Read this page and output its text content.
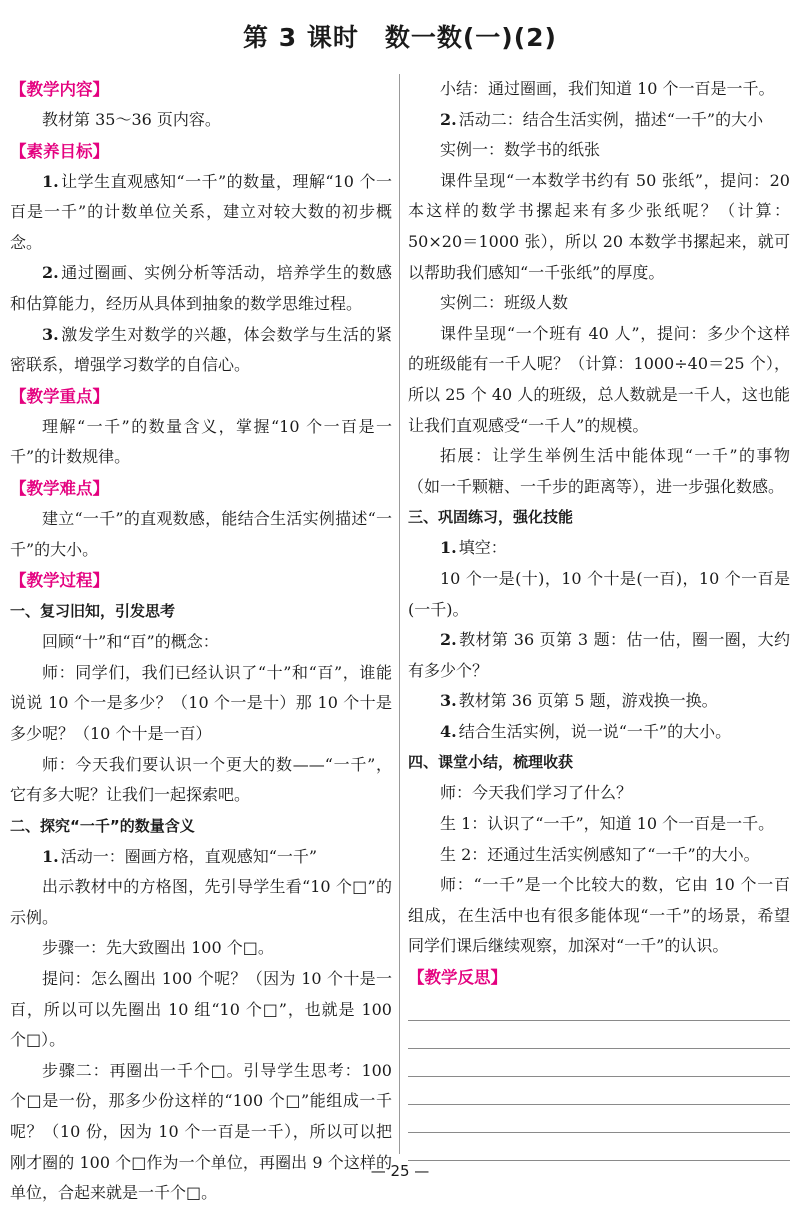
第 3 课时　数一数(一)(2)

【教学内容】

教材第 35～36 页内容。

【素养目标】

1. 让学生直观感知“一千”的数量，理解“10 个一百是一千”的计数单位关系，建立对较大数的初步概念。

2. 通过圈画、实例分析等活动，培养学生的数感和估算能力，经历从具体到抽象的数学思维过程。

3. 激发学生对数学的兴趣，体会数学与生活的紧密联系，增强学习数学的自信心。

【教学重点】

理解“一千”的数量含义，掌握“10 个一百是一千”的计数规律。

【教学难点】

建立“一千”的直观数感，能结合生活实例描述“一千”的大小。

【教学过程】

一、复习旧知，引发思考

回顾“十”和“百”的概念：

师：同学们，我们已经认识了“十”和“百”，谁能说说 10 个一是多少？（10 个一是十）那 10 个十是多少呢？（10 个十是一百）

师：今天我们要认识一个更大的数——“一千”，它有多大呢？让我们一起探索吧。

二、探究“一千”的数量含义

1. 活动一：圈画方格，直观感知“一千”

出示教材中的方格图，先引导学生看“10 个□”的示例。

步骤一：先大致圈出 100 个□。

提问：怎么圈出 100 个呢？（因为 10 个十是一百，所以可以先圈出 10 组“10 个□”，也就是 100 个□）。

步骤二：再圈出一千个□。引导学生思考：100 个□是一份，那多少份这样的“100 个□”能组成一千呢？（10 份，因为 10 个一百是一千），所以可以把刚才圈的 100 个□作为一个单位，再圈出 9 个这样的单位，合起来就是一千个□。

小结：通过圈画，我们知道 10 个一百是一千。

2. 活动二：结合生活实例，描述“一千”的大小

实例一：数学书的纸张

课件呈现“一本数学书约有 50 张纸”，提问：20 本这样的数学书摞起来有多少张纸呢？（计算：50×20＝1000 张），所以 20 本数学书摞起来，就可以帮助我们感知“一千张纸”的厚度。

实例二：班级人数

课件呈现“一个班有 40 人”，提问：多少个这样的班级能有一千人呢？（计算：1000÷40＝25 个），所以 25 个 40 人的班级，总人数就是一千人，这也能让我们直观感受“一千人”的规模。

拓展：让学生举例生活中能体现“一千”的事物（如一千颗糖、一千步的距离等），进一步强化数感。

三、巩固练习，强化技能

1. 填空：

10 个一是(十)，10 个十是(一百)，10 个一百是(一千)。

2. 教材第 36 页第 3 题：估一估，圈一圈，大约有多少个？

3. 教材第 36 页第 5 题，游戏换一换。

4. 结合生活实例，说一说“一千”的大小。

四、课堂小结，梳理收获

师：今天我们学习了什么？

生 1：认识了“一千”，知道 10 个一百是一千。

生 2：还通过生活实例感知了“一千”的大小。

师：“一千”是一个比较大的数，它由 10 个一百组成，在生活中也有很多能体现“一千”的场景，希望同学们课后继续观察，加深对“一千”的认识。

【教学反思】

— 25 —
